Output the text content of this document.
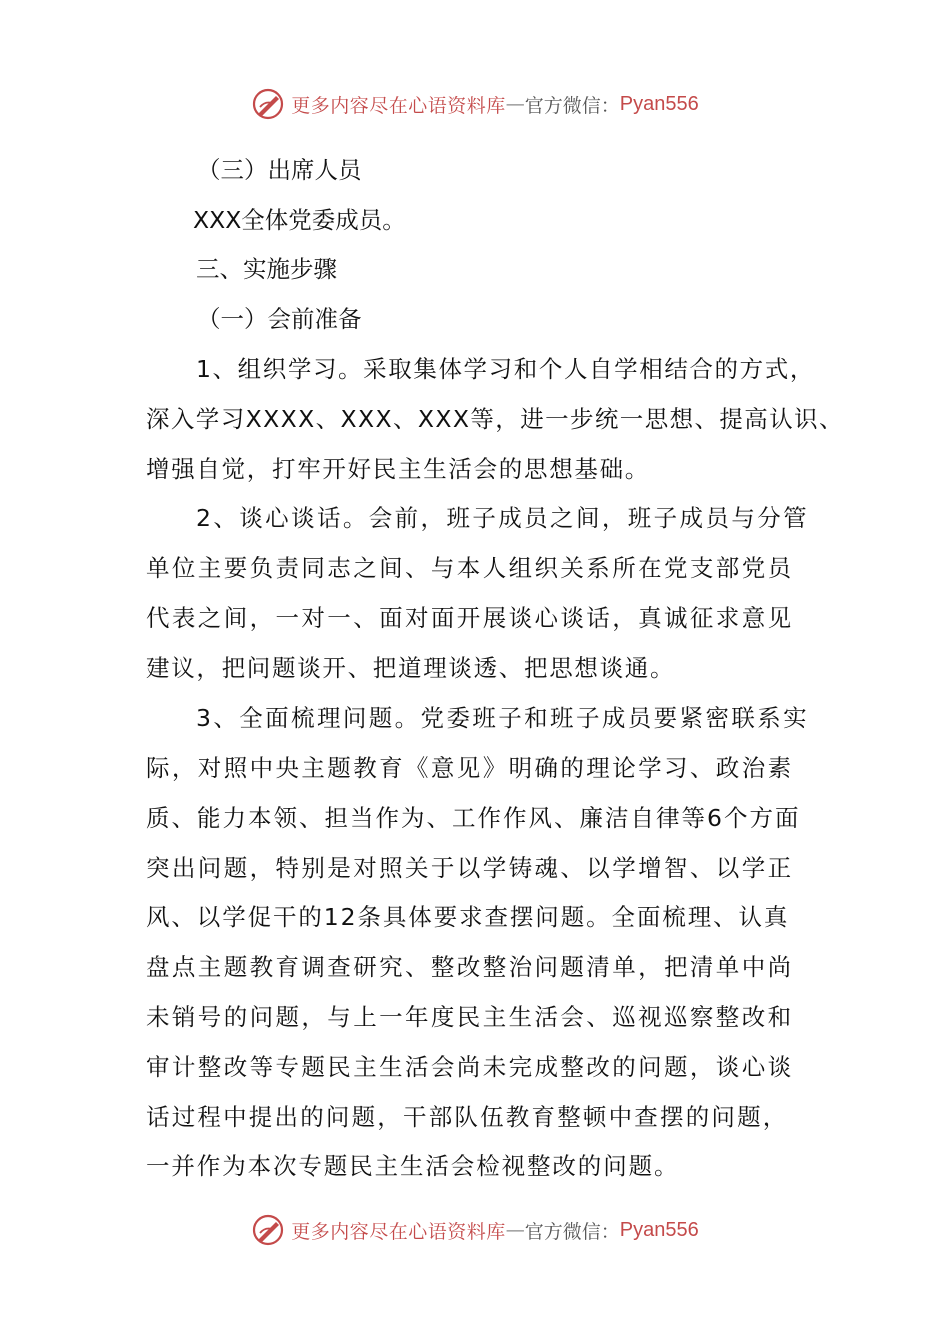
更多内容尽在心语资料库 — 官方微信： Pyan556
（三）出席人员
XXX全体党委成员。
三、实施步骤
（一）会前准备
1、组织学习。采取集体学习和个人自学相结合的方式，
深入学习XXXX、XXX、XXX等，进一步统一思想、提高认识、
增强自觉，打牢开好民主生活会的思想基础。
2、谈心谈话。会前，班子成员之间，班子成员与分管
单位主要负责同志之间、与本人组织关系所在党支部党员
代表之间，一对一、面对面开展谈心谈话，真诚征求意见
建议，把问题谈开、把道理谈透、把思想谈通。
3、全面梳理问题。党委班子和班子成员要紧密联系实
际，对照中央主题教育《意见》明确的理论学习、政治素
质、能力本领、担当作为、工作作风、廉洁自律等6个方面
突出问题，特别是对照关于以学铸魂、以学增智、以学正
风、以学促干的12条具体要求查摆问题。全面梳理、认真
盘点主题教育调查研究、整改整治问题清单，把清单中尚
未销号的问题，与上一年度民主生活会、巡视巡察整改和
审计整改等专题民主生活会尚未完成整改的问题，谈心谈
话过程中提出的问题，干部队伍教育整顿中查摆的问题，
一并作为本次专题民主生活会检视整改的问题。
更多内容尽在心语资料库 — 官方微信： Pyan556
